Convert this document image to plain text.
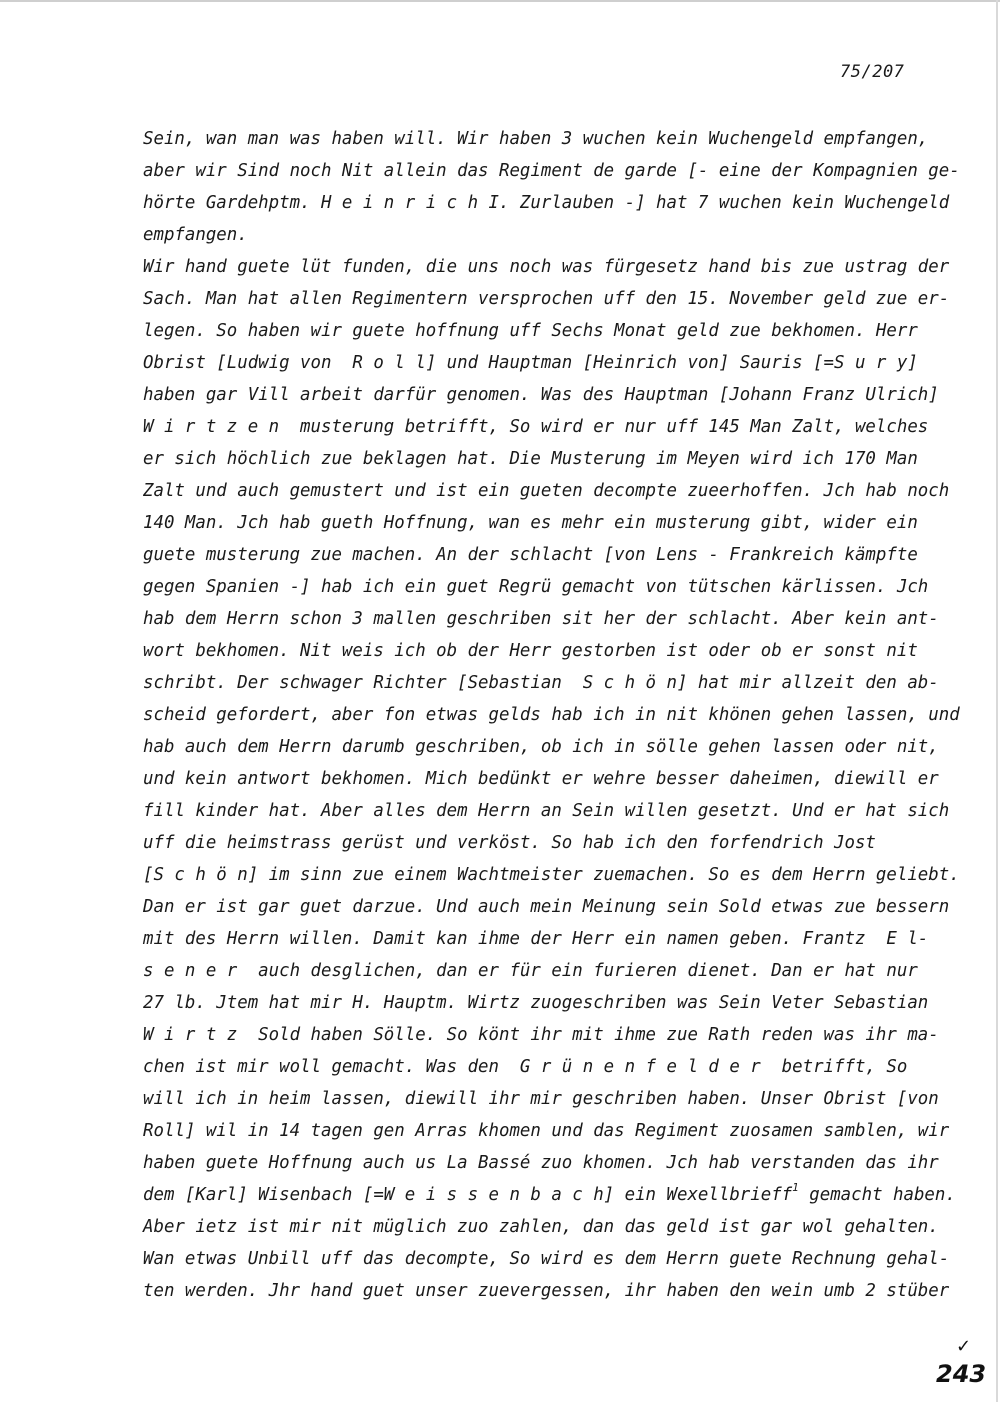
75/207
Sein, wan man was haben will. Wir haben 3 wuchen kein Wuchengeld empfangen,
aber wir Sind noch Nit allein das Regiment de garde [- eine der Kompagnien ge-
hörte Gardehptm. H e i n r i c h I. Zurlauben -] hat 7 wuchen kein Wuchengeld
empfangen.
Wir hand guete lüt funden, die uns noch was fürgesetz hand bis zue ustrag der
Sach. Man hat allen Regimentern versprochen uff den 15. November geld zue er-
legen. So haben wir guete hoffnung uff Sechs Monat geld zue bekhomen. Herr
Obrist [Ludwig von  R o l l] und Hauptman [Heinrich von] Sauris [=S u r y]
haben gar Vill arbeit darfür genomen. Was des Hauptman [Johann Franz Ulrich]
W i r t z e n  musterung betrifft, So wird er nur uff 145 Man Zalt, welches
er sich höchlich zue beklagen hat. Die Musterung im Meyen wird ich 170 Man
Zalt und auch gemustert und ist ein gueten decompte zueerhoffen. Jch hab noch
140 Man. Jch hab gueth Hoffnung, wan es mehr ein musterung gibt, wider ein
guete musterung zue machen. An der schlacht [von Lens - Frankreich kämpfte
gegen Spanien -] hab ich ein guet Regrü gemacht von tütschen kärlissen. Jch
hab dem Herrn schon 3 mallen geschriben sit her der schlacht. Aber kein ant-
wort bekhomen. Nit weis ich ob der Herr gestorben ist oder ob er sonst nit
schribt. Der schwager Richter [Sebastian  S c h ö n] hat mir allzeit den ab-
scheid gefordert, aber fon etwas gelds hab ich in nit khönen gehen lassen, und
hab auch dem Herrn darumb geschriben, ob ich in sölle gehen lassen oder nit,
und kein antwort bekhomen. Mich bedünkt er wehre besser daheimen, diewill er
fill kinder hat. Aber alles dem Herrn an Sein willen gesetzt. Und er hat sich
uff die heimstrass gerüst und verköst. So hab ich den forfendrich Jost
[S c h ö n] im sinn zue einem Wachtmeister zuemachen. So es dem Herrn geliebt.
Dan er ist gar guet darzue. Und auch mein Meinung sein Sold etwas zue bessern
mit des Herrn willen. Damit kan ihme der Herr ein namen geben. Frantz  E l-
s e n e r  auch desglichen, dan er für ein furieren dienet. Dan er hat nur
27 lb. Jtem hat mir H. Hauptm. Wirtz zuogeschriben was Sein Veter Sebastian
W i r t z  Sold haben Sölle. So könt ihr mit ihme zue Rath reden was ihr ma-
chen ist mir woll gemacht. Was den  G r ü n e n f e l d e r  betrifft, So
will ich in heim lassen, diewill ihr mir geschriben haben. Unser Obrist [von
Roll] wil in 14 tagen gen Arras khomen und das Regiment zuosamen samblen, wir
haben guete Hoffnung auch us La Bassé zuo khomen. Jch hab verstanden das ihr
dem [Karl] Wisenbach [=W e i s s e n b a c h] ein Wexellbrieff$^1$ gemacht haben.
Aber ietz ist mir nit müglich zuo zahlen, dan das geld ist gar wol gehalten.
Wan etwas Unbill uff das decompte, So wird es dem Herrn guete Rechnung gehal-
ten werden. Jhr hand guet unser zuevergessen, ihr haben den wein umb 2 stüber
✓
243
